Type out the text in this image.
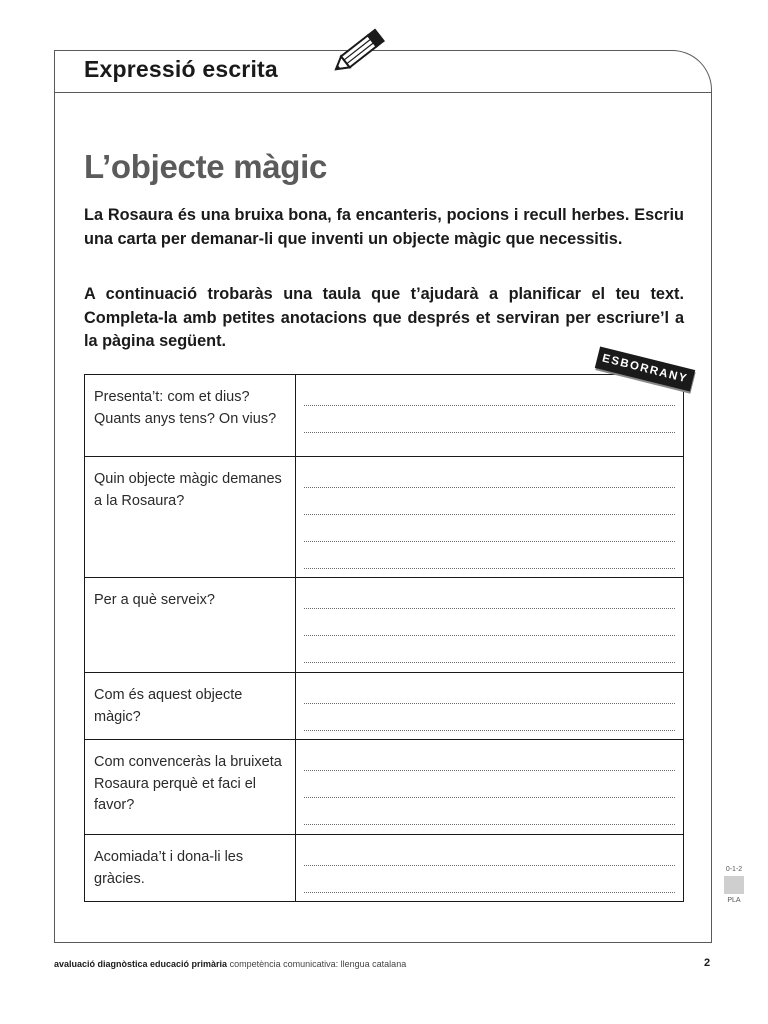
Expressió escrita
L’objecte màgic

La Rosaura és una bruixa bona, fa encanteris, pocions i recull herbes. Escriu una carta per demanar-li que inventi un objecte màgic que necessitis.

A continuació trobaràs una taula que t’ajudarà a planificar el teu text. Completa-la amb petites anotacions que després et serviran per escriure’l a la pàgina següent.

ESBORRANY
Presenta’t: com et dius? Quants anys tens? On vius?	

Quin objecte màgic demanes a la Rosaura?	

Per a què serveix?	

Com és aquest objecte màgic?	

Com convenceràs la bruixeta Rosaura perquè et faci el favor?	

Acomiada’t i dona-li les gràcies.	
0-1-2
PLA
avaluació diagnòstica educació primària competència comunicativa: llengua catalana	2
